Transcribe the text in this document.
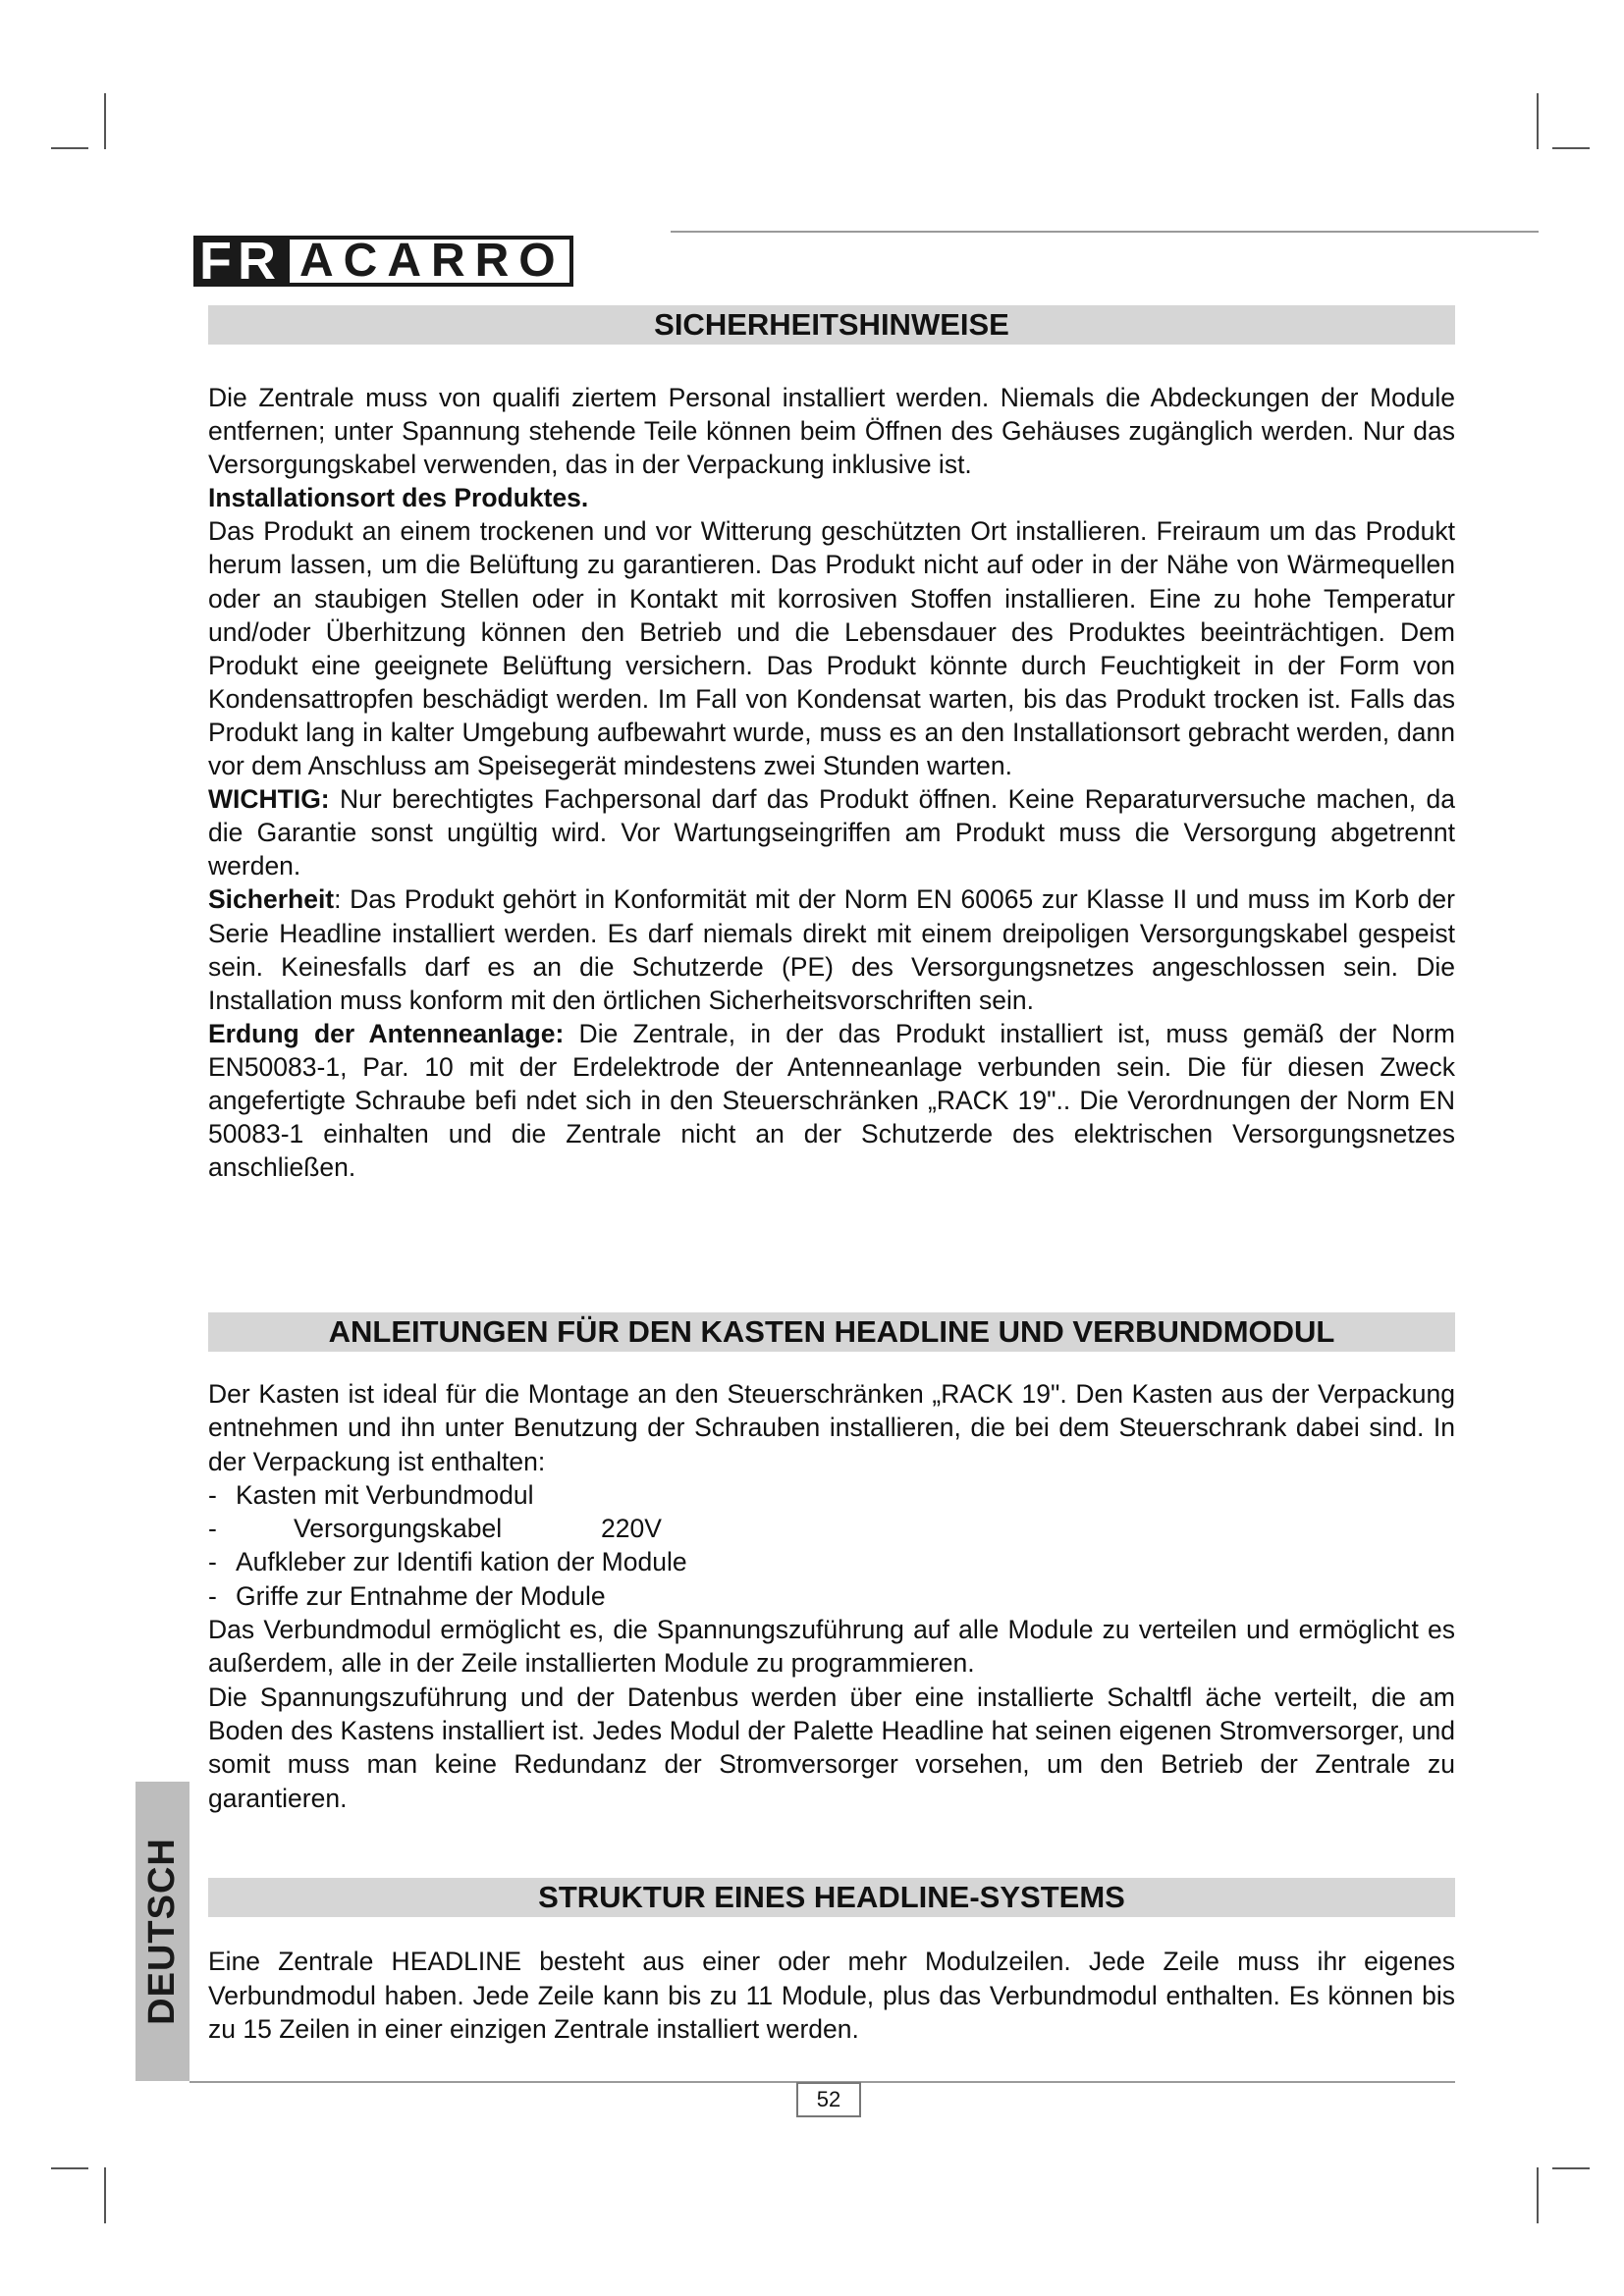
FR ACARRO
SICHERHEITSHINWEISE

Die Zentrale muss von qualifi ziertem Personal installiert werden. Niemals die Abdeckungen der Module entfernen; unter Spannung stehende Teile können beim Öffnen des Gehäuses zugänglich werden. Nur das Versorgungskabel verwenden, das in der Verpackung inklusive ist.

Installationsort des Produktes.

Das Produkt an einem trockenen und vor Witterung geschützten Ort installieren. Freiraum um das Produkt herum lassen, um die Belüftung zu garantieren. Das Produkt nicht auf oder in der Nähe von Wärmequellen oder an staubigen Stellen oder in Kontakt mit korrosiven Stoffen installieren. Eine zu hohe Temperatur und/oder Überhitzung können den Betrieb und die Lebensdauer des Produktes beeinträchtigen. Dem Produkt eine geeignete Belüftung versichern. Das Produkt könnte durch Feuchtigkeit in der Form von Kondensattropfen beschädigt werden. Im Fall von Kondensat warten, bis das Produkt trocken ist. Falls das Produkt lang in kalter Umgebung aufbewahrt wurde, muss es an den Installationsort gebracht werden, dann vor dem Anschluss am Speisegerät mindestens zwei Stunden warten.

WICHTIG: Nur berechtigtes Fachpersonal darf das Produkt öffnen. Keine Reparaturversuche machen, da die Garantie sonst ungültig wird. Vor Wartungseingriffen am Produkt muss die Versorgung abgetrennt werden.

Sicherheit: Das Produkt gehört in Konformität mit der Norm EN 60065 zur Klasse II und muss im Korb der Serie Headline installiert werden. Es darf niemals direkt mit einem dreipoligen Versorgungskabel gespeist sein. Keinesfalls darf es an die Schutzerde (PE) des Versorgungsnetzes angeschlossen sein. Die Installation muss konform mit den örtlichen Sicherheitsvorschriften sein.

Erdung der Antenneanlage: Die Zentrale, in der das Produkt installiert ist, muss gemäß der Norm EN50083-1, Par. 10 mit der Erdelektrode der Antenneanlage verbunden sein. Die für diesen Zweck angefertigte Schraube befi ndet sich in den Steuerschränken „RACK 19".. Die Verordnungen der Norm EN 50083-1 einhalten und die Zentrale nicht an der Schutzerde des elektrischen Versorgungsnetzes anschließen.

ANLEITUNGEN FÜR DEN KASTEN HEADLINE UND VERBUNDMODUL

Der Kasten ist ideal für die Montage an den Steuerschränken „RACK 19". Den Kasten aus der Verpackung entnehmen und ihn unter Benutzung der Schrauben installieren, die bei dem Steuerschrank dabei sind. In der Verpackung ist enthalten:

- Kasten mit Verbundmodul
-	Versorgungskabel	220V
- Aufkleber zur Identifi kation der Module
- Griffe zur Entnahme der Module

Das Verbundmodul ermöglicht es, die Spannungszuführung auf alle Module zu verteilen und ermöglicht es außerdem, alle in der Zeile installierten Module zu programmieren.

Die Spannungszuführung und der Datenbus werden über eine installierte Schaltfl äche verteilt, die am Boden des Kastens installiert ist. Jedes Modul der Palette Headline hat seinen eigenen Stromversorger, und somit muss man keine Redundanz der Stromversorger vorsehen, um den Betrieb der Zentrale zu garantieren.

STRUKTUR EINES HEADLINE-SYSTEMS

Eine Zentrale HEADLINE besteht aus einer oder mehr Modulzeilen. Jede Zeile muss ihr eigenes Verbundmodul haben. Jede Zeile kann bis zu 11 Module, plus das Verbundmodul enthalten. Es können bis zu 15 Zeilen in einer einzigen Zentrale installiert werden.

DEUTSCH
52
